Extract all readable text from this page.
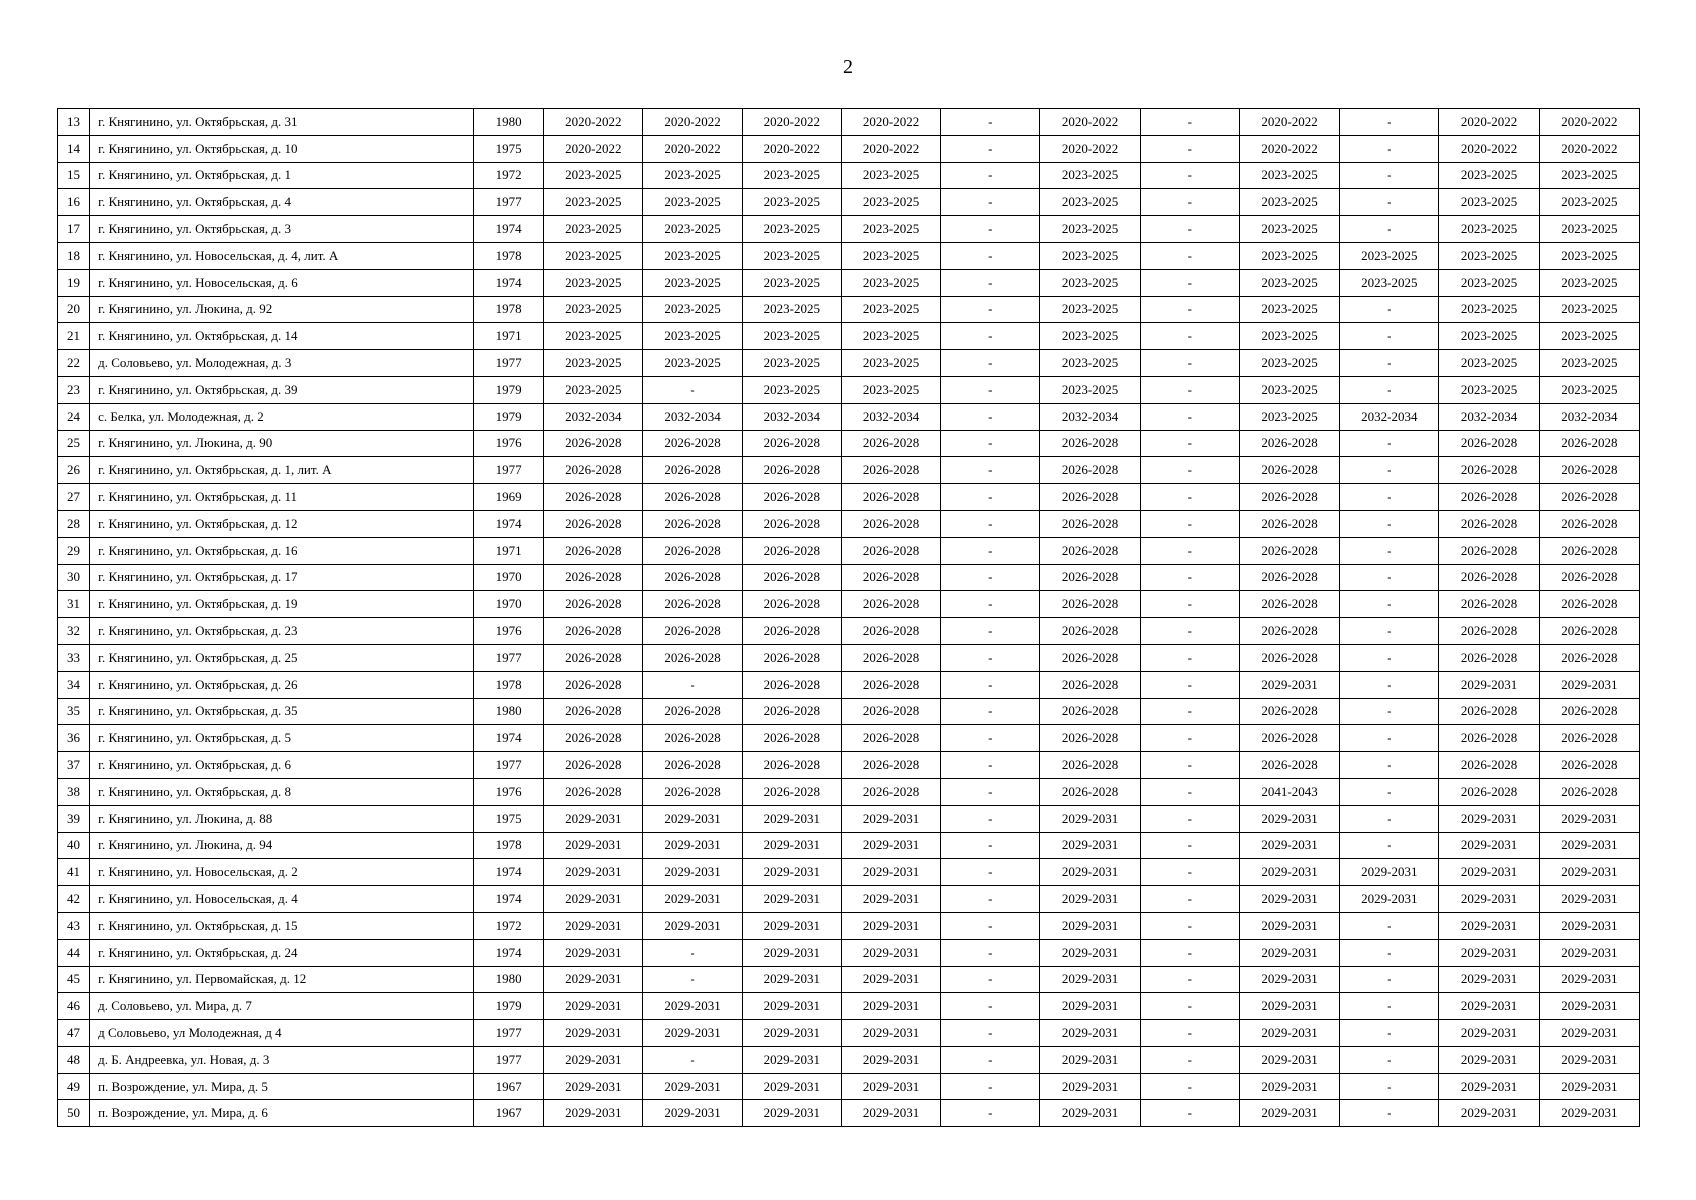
2
13	г. Княгинино, ул. Октябрьская, д. 31	1980	2020-2022	2020-2022	2020-2022	2020-2022	-	2020-2022	-	2020-2022	-	2020-2022	2020-2022
14	г. Княгинино, ул. Октябрьская, д. 10	1975	2020-2022	2020-2022	2020-2022	2020-2022	-	2020-2022	-	2020-2022	-	2020-2022	2020-2022
15	г. Княгинино, ул. Октябрьская, д. 1	1972	2023-2025	2023-2025	2023-2025	2023-2025	-	2023-2025	-	2023-2025	-	2023-2025	2023-2025
16	г. Княгинино, ул. Октябрьская, д. 4	1977	2023-2025	2023-2025	2023-2025	2023-2025	-	2023-2025	-	2023-2025	-	2023-2025	2023-2025
17	г. Княгинино, ул. Октябрьская, д. 3	1974	2023-2025	2023-2025	2023-2025	2023-2025	-	2023-2025	-	2023-2025	-	2023-2025	2023-2025
18	г. Княгинино, ул. Новосельская, д. 4, лит. А	1978	2023-2025	2023-2025	2023-2025	2023-2025	-	2023-2025	-	2023-2025	2023-2025	2023-2025	2023-2025
19	г. Княгинино, ул. Новосельская, д. 6	1974	2023-2025	2023-2025	2023-2025	2023-2025	-	2023-2025	-	2023-2025	2023-2025	2023-2025	2023-2025
20	г. Княгинино, ул. Люкина, д. 92	1978	2023-2025	2023-2025	2023-2025	2023-2025	-	2023-2025	-	2023-2025	-	2023-2025	2023-2025
21	г. Княгинино, ул. Октябрьская, д. 14	1971	2023-2025	2023-2025	2023-2025	2023-2025	-	2023-2025	-	2023-2025	-	2023-2025	2023-2025
22	д. Соловьево, ул. Молодежная, д. 3	1977	2023-2025	2023-2025	2023-2025	2023-2025	-	2023-2025	-	2023-2025	-	2023-2025	2023-2025
23	г. Княгинино, ул. Октябрьская, д. 39	1979	2023-2025	-	2023-2025	2023-2025	-	2023-2025	-	2023-2025	-	2023-2025	2023-2025
24	с. Белка, ул. Молодежная, д. 2	1979	2032-2034	2032-2034	2032-2034	2032-2034	-	2032-2034	-	2023-2025	2032-2034	2032-2034	2032-2034
25	г. Княгинино, ул. Люкина, д. 90	1976	2026-2028	2026-2028	2026-2028	2026-2028	-	2026-2028	-	2026-2028	-	2026-2028	2026-2028
26	г. Княгинино, ул. Октябрьская, д. 1, лит. А	1977	2026-2028	2026-2028	2026-2028	2026-2028	-	2026-2028	-	2026-2028	-	2026-2028	2026-2028
27	г. Княгинино, ул. Октябрьская, д. 11	1969	2026-2028	2026-2028	2026-2028	2026-2028	-	2026-2028	-	2026-2028	-	2026-2028	2026-2028
28	г. Княгинино, ул. Октябрьская, д. 12	1974	2026-2028	2026-2028	2026-2028	2026-2028	-	2026-2028	-	2026-2028	-	2026-2028	2026-2028
29	г. Княгинино, ул. Октябрьская, д. 16	1971	2026-2028	2026-2028	2026-2028	2026-2028	-	2026-2028	-	2026-2028	-	2026-2028	2026-2028
30	г. Княгинино, ул. Октябрьская, д. 17	1970	2026-2028	2026-2028	2026-2028	2026-2028	-	2026-2028	-	2026-2028	-	2026-2028	2026-2028
31	г. Княгинино, ул. Октябрьская, д. 19	1970	2026-2028	2026-2028	2026-2028	2026-2028	-	2026-2028	-	2026-2028	-	2026-2028	2026-2028
32	г. Княгинино, ул. Октябрьская, д. 23	1976	2026-2028	2026-2028	2026-2028	2026-2028	-	2026-2028	-	2026-2028	-	2026-2028	2026-2028
33	г. Княгинино, ул. Октябрьская, д. 25	1977	2026-2028	2026-2028	2026-2028	2026-2028	-	2026-2028	-	2026-2028	-	2026-2028	2026-2028
34	г. Княгинино, ул. Октябрьская, д. 26	1978	2026-2028	-	2026-2028	2026-2028	-	2026-2028	-	2029-2031	-	2029-2031	2029-2031
35	г. Княгинино, ул. Октябрьская, д. 35	1980	2026-2028	2026-2028	2026-2028	2026-2028	-	2026-2028	-	2026-2028	-	2026-2028	2026-2028
36	г. Княгинино, ул. Октябрьская, д. 5	1974	2026-2028	2026-2028	2026-2028	2026-2028	-	2026-2028	-	2026-2028	-	2026-2028	2026-2028
37	г. Княгинино, ул. Октябрьская, д. 6	1977	2026-2028	2026-2028	2026-2028	2026-2028	-	2026-2028	-	2026-2028	-	2026-2028	2026-2028
38	г. Княгинино, ул. Октябрьская, д. 8	1976	2026-2028	2026-2028	2026-2028	2026-2028	-	2026-2028	-	2041-2043	-	2026-2028	2026-2028
39	г. Княгинино, ул. Люкина, д. 88	1975	2029-2031	2029-2031	2029-2031	2029-2031	-	2029-2031	-	2029-2031	-	2029-2031	2029-2031
40	г. Княгинино, ул. Люкина, д. 94	1978	2029-2031	2029-2031	2029-2031	2029-2031	-	2029-2031	-	2029-2031	-	2029-2031	2029-2031
41	г. Княгинино, ул. Новосельская, д. 2	1974	2029-2031	2029-2031	2029-2031	2029-2031	-	2029-2031	-	2029-2031	2029-2031	2029-2031	2029-2031
42	г. Княгинино, ул. Новосельская, д. 4	1974	2029-2031	2029-2031	2029-2031	2029-2031	-	2029-2031	-	2029-2031	2029-2031	2029-2031	2029-2031
43	г. Княгинино, ул. Октябрьская, д. 15	1972	2029-2031	2029-2031	2029-2031	2029-2031	-	2029-2031	-	2029-2031	-	2029-2031	2029-2031
44	г. Княгинино, ул. Октябрьская, д. 24	1974	2029-2031	-	2029-2031	2029-2031	-	2029-2031	-	2029-2031	-	2029-2031	2029-2031
45	г. Княгинино, ул. Первомайская, д. 12	1980	2029-2031	-	2029-2031	2029-2031	-	2029-2031	-	2029-2031	-	2029-2031	2029-2031
46	д. Соловьево, ул. Мира, д. 7	1979	2029-2031	2029-2031	2029-2031	2029-2031	-	2029-2031	-	2029-2031	-	2029-2031	2029-2031
47	д Соловьево, ул Молодежная, д 4	1977	2029-2031	2029-2031	2029-2031	2029-2031	-	2029-2031	-	2029-2031	-	2029-2031	2029-2031
48	д. Б. Андреевка, ул. Новая, д. 3	1977	2029-2031	-	2029-2031	2029-2031	-	2029-2031	-	2029-2031	-	2029-2031	2029-2031
49	п. Возрождение, ул. Мира, д. 5	1967	2029-2031	2029-2031	2029-2031	2029-2031	-	2029-2031	-	2029-2031	-	2029-2031	2029-2031
50	п. Возрождение, ул. Мира, д. 6	1967	2029-2031	2029-2031	2029-2031	2029-2031	-	2029-2031	-	2029-2031	-	2029-2031	2029-2031
